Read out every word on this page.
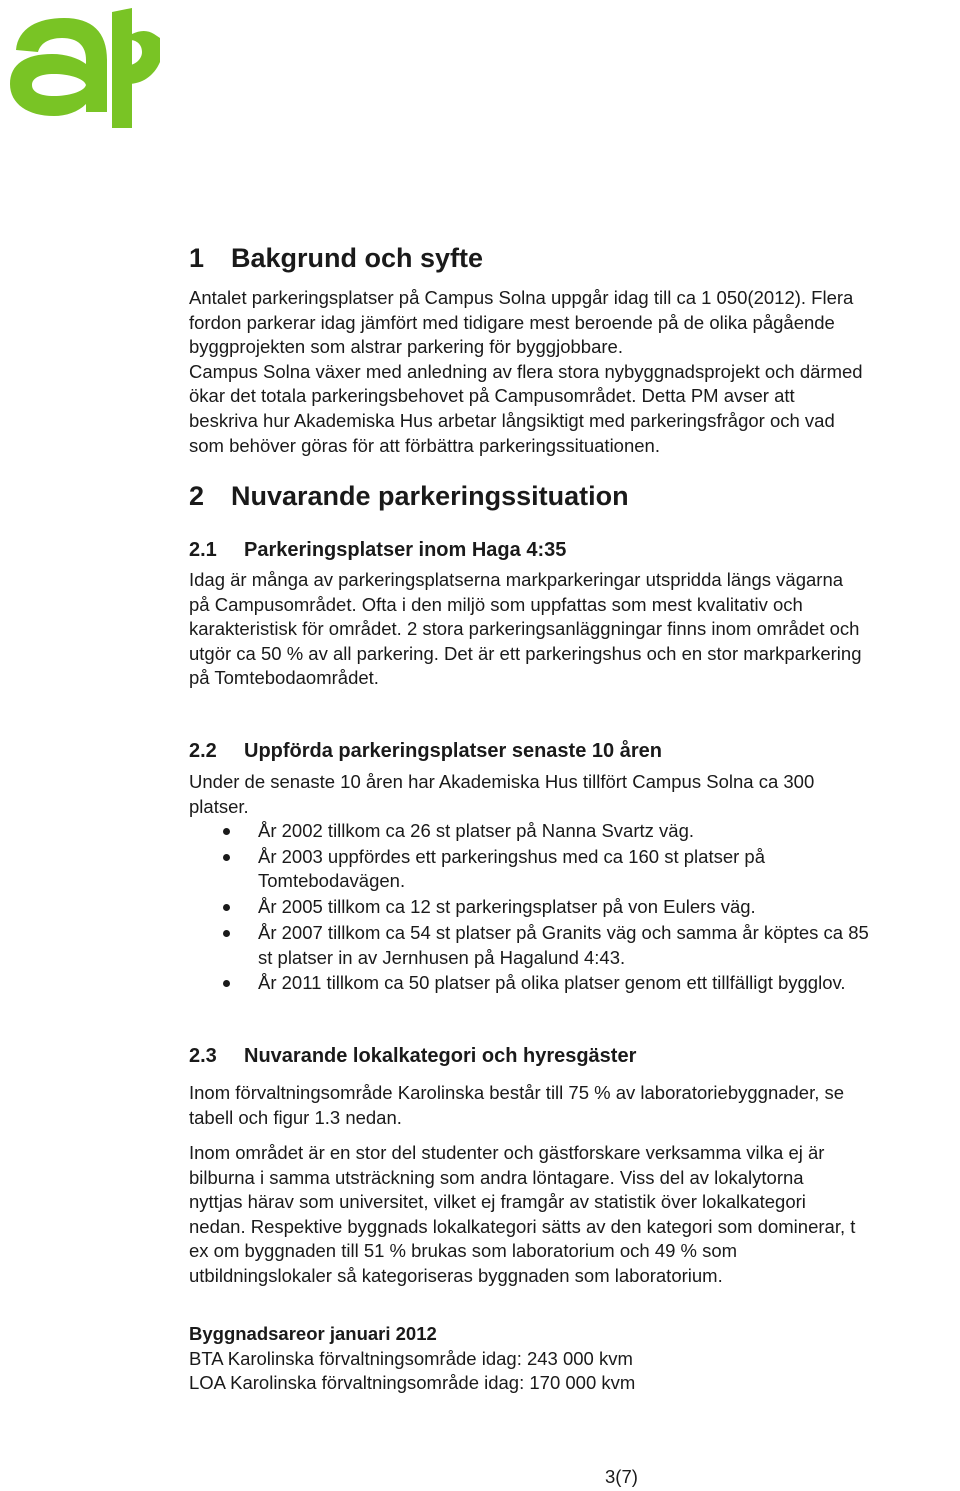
1 Bakgrund och syfte

Antalet parkeringsplatser på Campus Solna uppgår idag till ca 1 050(2012). Flera
fordon parkerar idag jämfört med tidigare mest beroende på de olika pågående
byggprojekten som alstrar parkering för byggjobbare.
Campus Solna växer med anledning av flera stora nybyggnadsprojekt och därmed
ökar det totala parkeringsbehovet på Campusområdet. Detta PM avser att
beskriva hur Akademiska Hus arbetar långsiktigt med parkeringsfrågor och vad
som behöver göras för att förbättra parkeringssituationen.

2 Nuvarande parkeringssituation
2.1 Parkeringsplatser inom Haga 4:35

Idag är många av parkeringsplatserna markparkeringar utspridda längs vägarna
på Campusområdet. Ofta i den miljö som uppfattas som mest kvalitativ och
karakteristisk för området. 2 stora parkeringsanläggningar finns inom området och
utgör ca 50 % av all parkering. Det är ett parkeringshus och en stor markparkering
på Tomtebodaområdet.

2.2 Uppförda parkeringsplatser senaste 10 åren

Under de senaste 10 åren har Akademiska Hus tillfört Campus Solna ca 300
platser.

År 2002 tillkom ca 26 st platser på Nanna Svartz väg.
År 2003 uppfördes ett parkeringshus med ca 160 st platser på
Tomtebodavägen.
År 2005 tillkom ca 12 st parkeringsplatser på von Eulers väg.
År 2007 tillkom ca 54 st platser på Granits väg och samma år köptes ca 85
st platser in av Jernhusen på Hagalund 4:43.
År 2011 tillkom ca 50 platser på olika platser genom ett tillfälligt bygglov.
2.3 Nuvarande lokalkategori och hyresgäster

Inom förvaltningsområde Karolinska består till 75 % av laboratoriebyggnader, se
tabell och figur 1.3 nedan.

Inom området är en stor del studenter och gästforskare verksamma vilka ej är
bilburna i samma utsträckning som andra löntagare. Viss del av lokalytorna
nyttjas härav som universitet, vilket ej framgår av statistik över lokalkategori
nedan. Respektive byggnads lokalkategori sätts av den kategori som dominerar, t
ex om byggnaden till 51 % brukas som laboratorium och 49 % som
utbildningslokaler så kategoriseras byggnaden som laboratorium.

Byggnadsareor januari 2012
BTA Karolinska förvaltningsområde idag: 243 000 kvm
LOA Karolinska förvaltningsområde idag: 170 000 kvm

3(7)
